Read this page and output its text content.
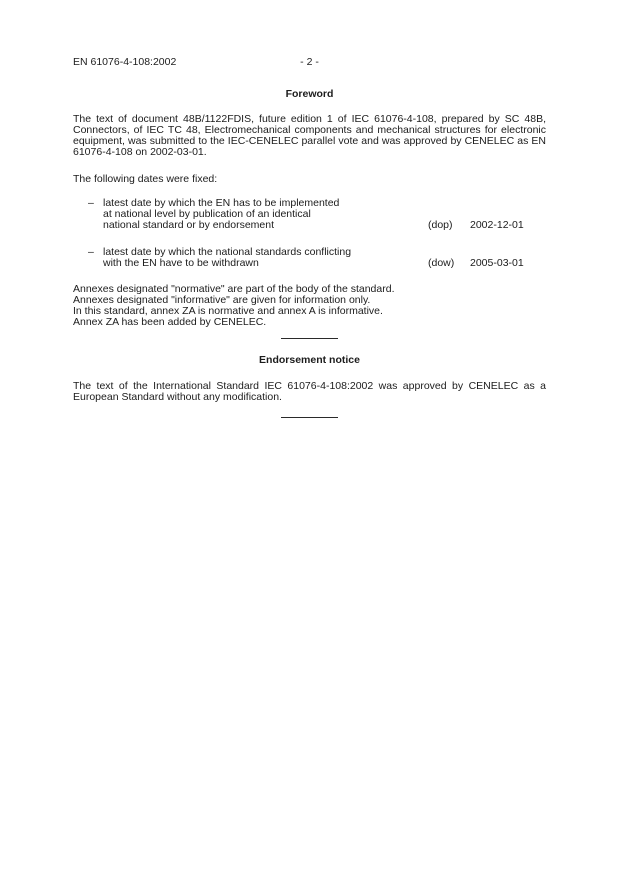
EN 61076-4-108:2002	- 2 -
Foreword

The text of document 48B/1122FDIS, future edition 1 of IEC 61076-4-108, prepared by SC 48B, Connectors, of IEC TC 48, Electromechanical components and mechanical structures for electronic equipment, was submitted to the IEC-CENELEC parallel vote and was approved by CENELEC as EN 61076-4-108 on 2002-03-01.

The following dates were fixed:

– latest date by which the EN has to be implemented
at national level by publication of an identical
national standard or by endorsement	(dop) 2002-12-01
– latest date by which the national standards conflicting
with the EN have to be withdrawn	(dow) 2005-03-01
Annexes designated "normative" are part of the body of the standard.
Annexes designated "informative" are given for information only.
In this standard, annex ZA is normative and annex A is informative.
Annex ZA has been added by CENELEC.
Endorsement notice

The text of the International Standard IEC 61076-4-108:2002 was approved by CENELEC as a European Standard without any modification.
